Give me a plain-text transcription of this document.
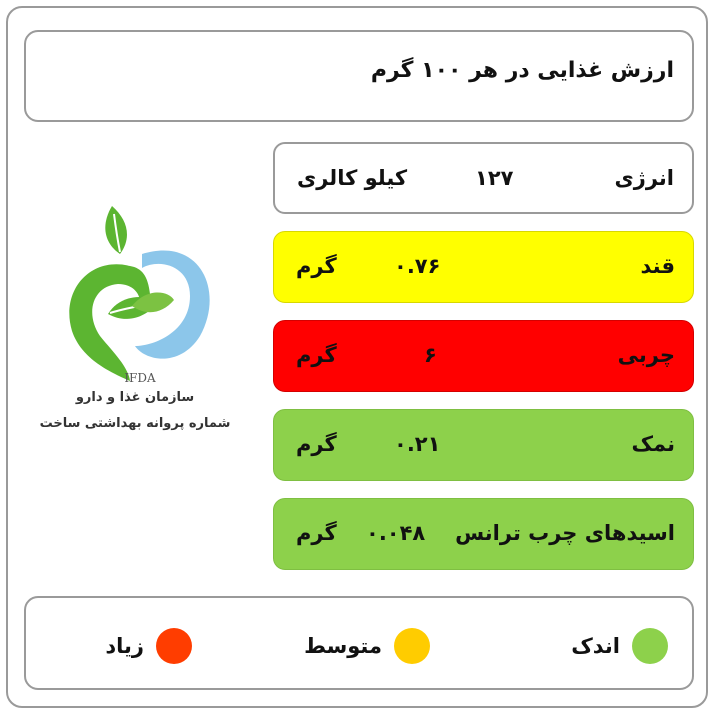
ارزش غذایی در هر ۱۰۰ گرم
IFDA
سازمان غذا و دارو
شماره پروانه بهداشتی ساخت
انرژی
۱۲۷
کیلو کالری
قند
۰.۷۶
گرم
چربی
۶
گرم
نمک
۰.۲۱
گرم
اسیدهای چرب ترانس
۰.۰۴۸
گرم
اندک
متوسط
زیاد
